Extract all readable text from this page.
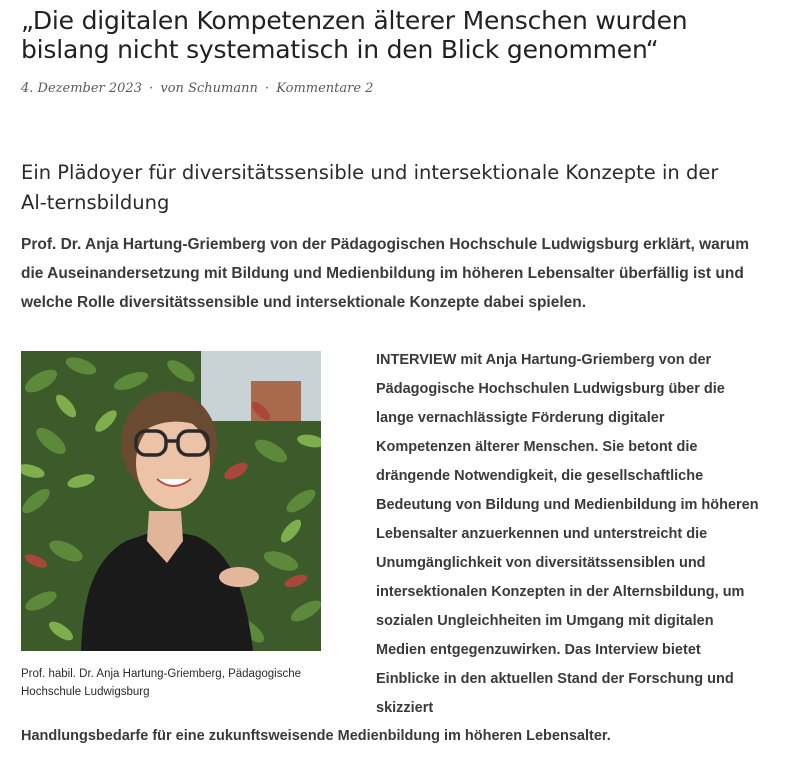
„Die digitalen Kompetenzen älterer Menschen wurden bislang nicht systematisch in den Blick genommen“
4. Dezember 2023 · von Schumann · Kommentare 2
Ein Plädoyer für diversitätssensible und intersektionale Konzepte in der Al-ternsbildung

Prof. Dr. Anja Hartung-Griemberg von der Pädagogischen Hochschule Ludwigsburg erklärt, warum die Auseinandersetzung mit Bildung und Medienbildung im höheren Lebensalter überfällig ist und welche Rolle diversitätssensible und intersektionale Konzepte dabei spielen.

Prof. habil. Dr. Anja Hartung-Griemberg, Pädagogische Hochschule Ludwigsburg

INTERVIEW mit Anja Hartung-Griemberg von der Pädagogische Hochschulen Ludwigsburg über die lange vernachlässigte Förderung digitaler Kompetenzen älterer Menschen. Sie betont die drängende Notwendigkeit, die gesellschaftliche Bedeutung von Bildung und Medienbildung im höheren Lebensalter anzuerkennen und unterstreicht die Unumgänglichkeit von diversitätssensiblen und intersektionalen Konzepten in der Alternsbildung, um sozialen Ungleichheiten im Umgang mit digitalen Medien entgegenzuwirken. Das Interview bietet Einblicke in den aktuellen Stand der Forschung und skizziert

Handlungsbedarfe für eine zukunftsweisende Medienbildung im höheren Lebensalter.
